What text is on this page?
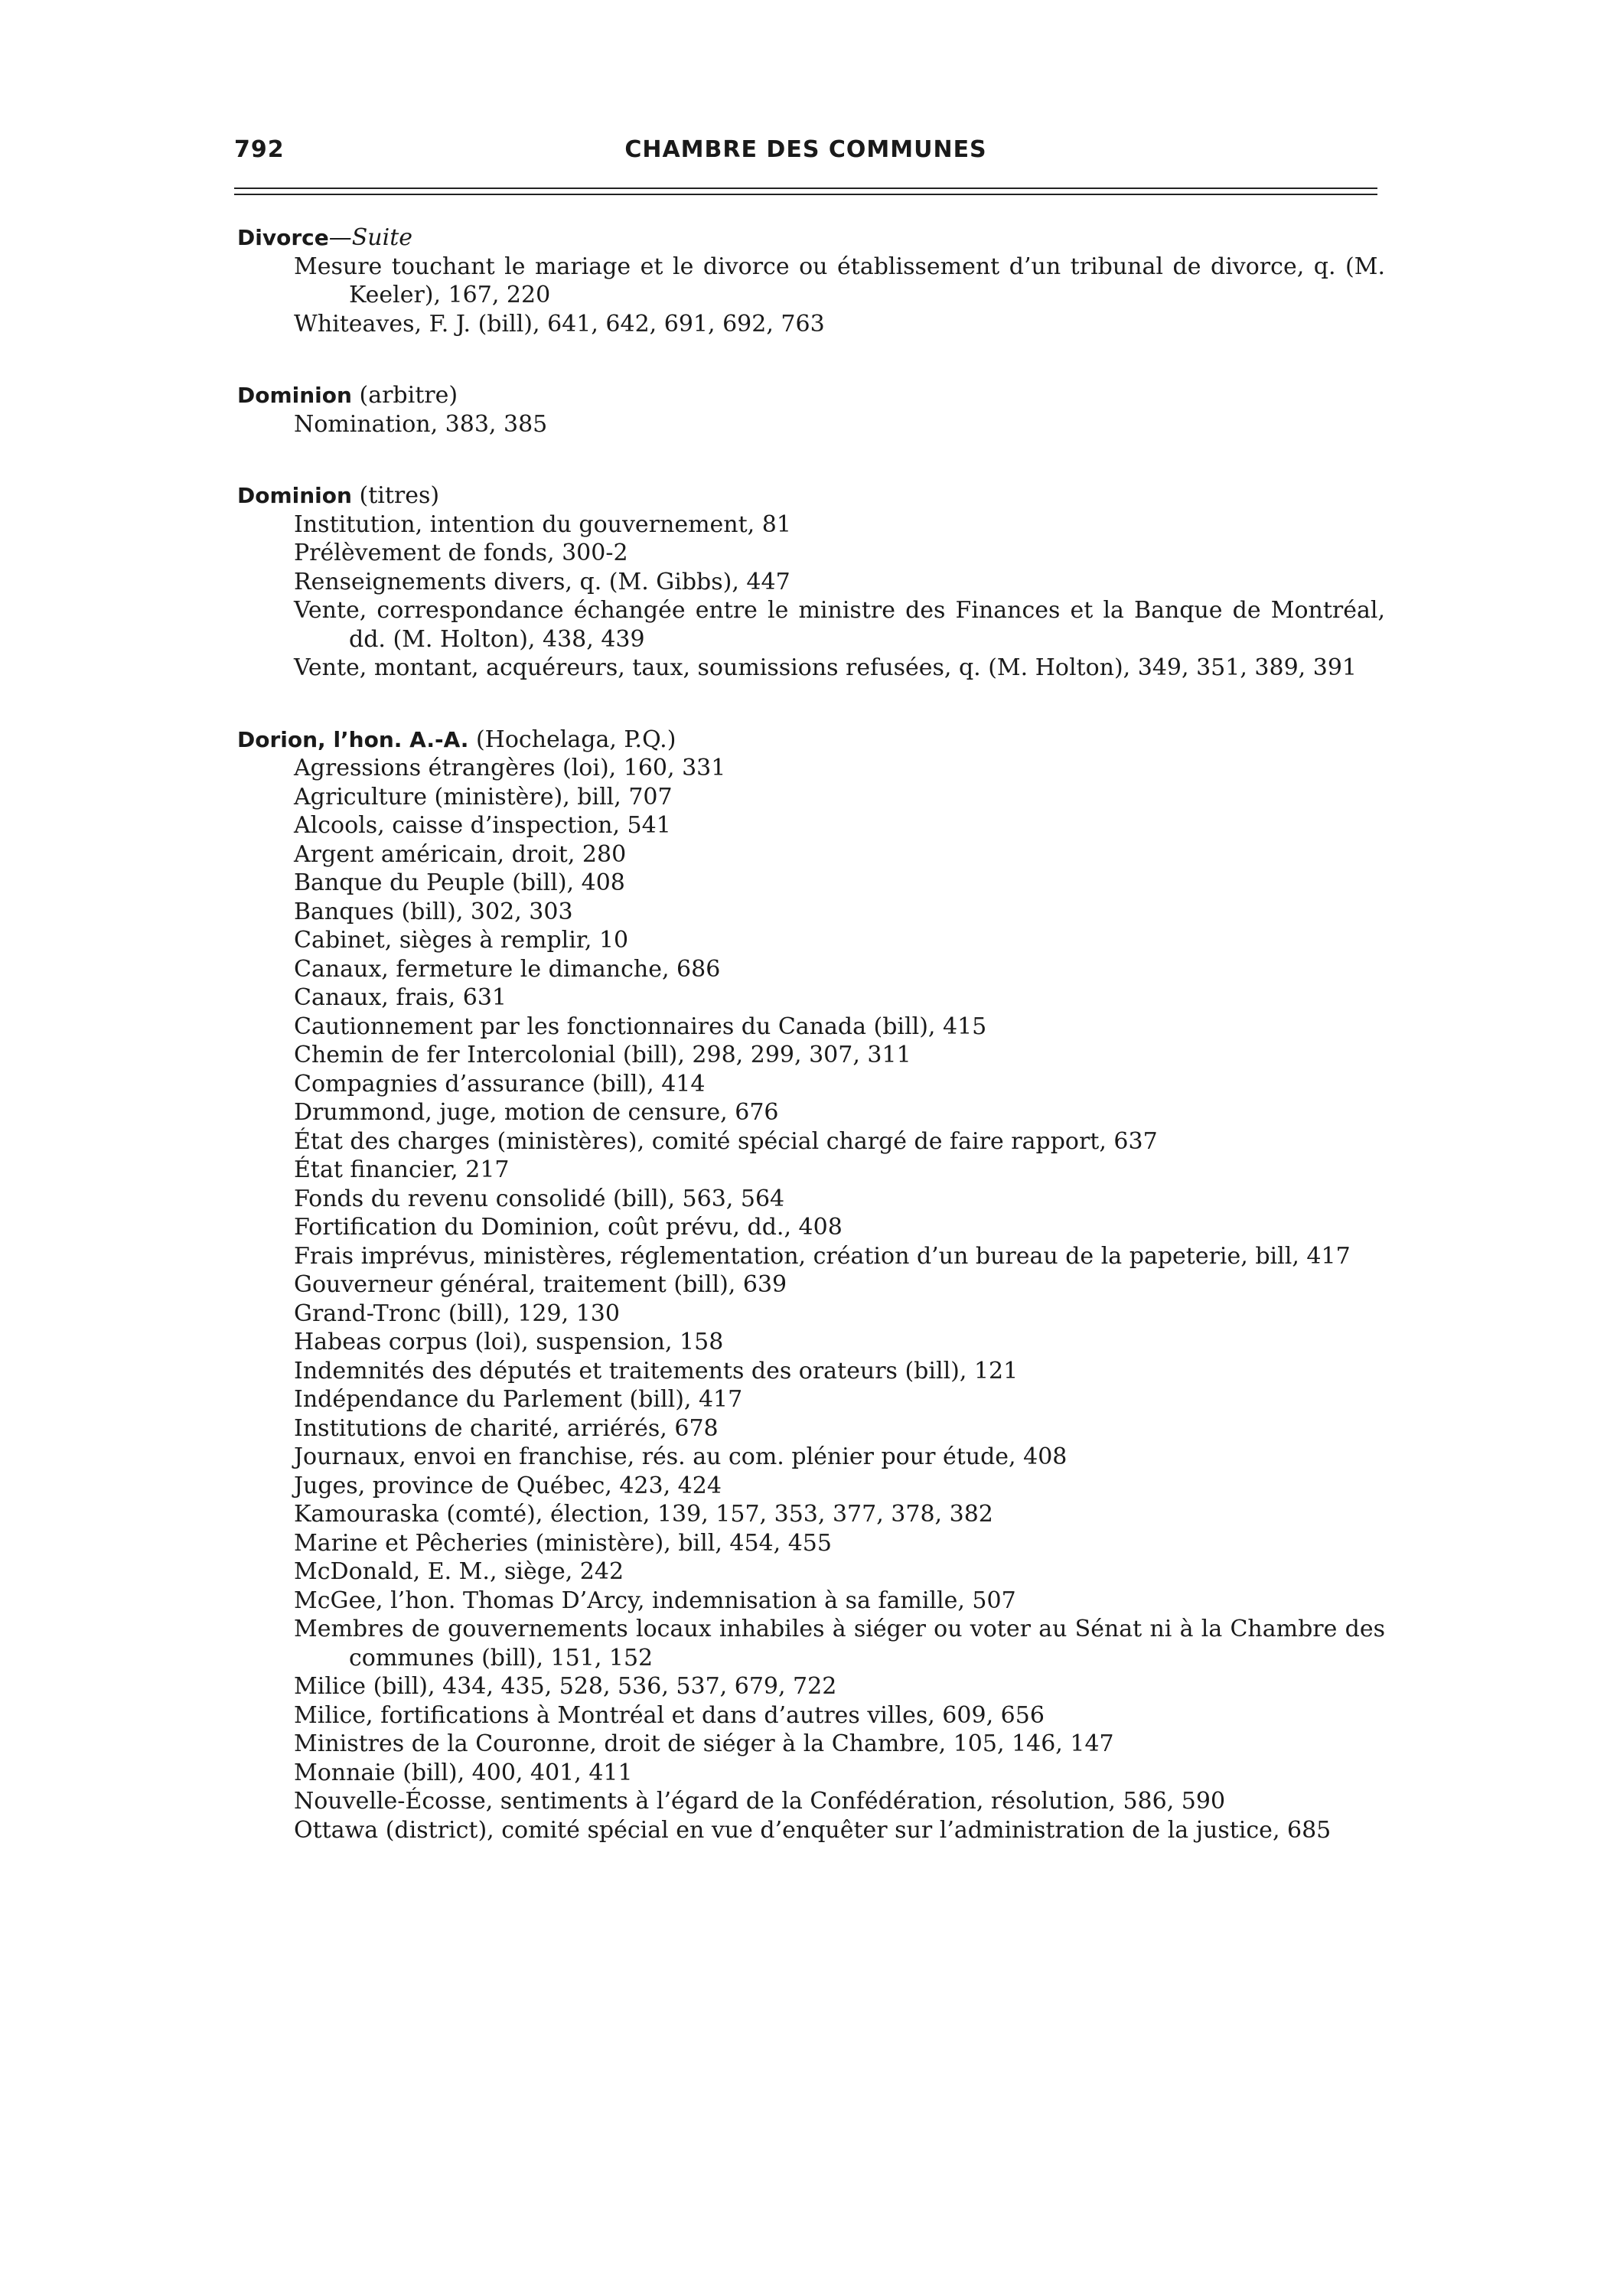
792	CHAMBRE DES COMMUNES

Divorce—Suite

Mesure touchant le mariage et le divorce ou établissement d’un tribunal de divorce, q. (M. Keeler), 167, 220

Whiteaves, F. J. (bill), 641, 642, 691, 692, 763

Dominion (arbitre)

Nomination, 383, 385

Dominion (titres)

Institution, intention du gouvernement, 81

Prélèvement de fonds, 300-2

Renseignements divers, q. (M. Gibbs), 447

Vente, correspondance échangée entre le ministre des Finances et la Banque de Montréal, dd. (M. Holton), 438, 439

Vente, montant, acquéreurs, taux, soumissions refusées, q. (M. Holton), 349, 351, 389, 391

Dorion, l’hon. A.-A. (Hochelaga, P.Q.)

Agressions étrangères (loi), 160, 331

Agriculture (ministère), bill, 707

Alcools, caisse d’inspection, 541

Argent américain, droit, 280

Banque du Peuple (bill), 408

Banques (bill), 302, 303

Cabinet, sièges à remplir, 10

Canaux, fermeture le dimanche, 686

Canaux, frais, 631

Cautionnement par les fonctionnaires du Canada (bill), 415

Chemin de fer Intercolonial (bill), 298, 299, 307, 311

Compagnies d’assurance (bill), 414

Drummond, juge, motion de censure, 676

État des charges (ministères), comité spécial chargé de faire rapport, 637

État financier, 217

Fonds du revenu consolidé (bill), 563, 564

Fortification du Dominion, coût prévu, dd., 408

Frais imprévus, ministères, réglementation, création d’un bureau de la papeterie, bill, 417

Gouverneur général, traitement (bill), 639

Grand-Tronc (bill), 129, 130

Habeas corpus (loi), suspension, 158

Indemnités des députés et traitements des orateurs (bill), 121

Indépendance du Parlement (bill), 417

Institutions de charité, arriérés, 678

Journaux, envoi en franchise, rés. au com. plénier pour étude, 408

Juges, province de Québec, 423, 424

Kamouraska (comté), élection, 139, 157, 353, 377, 378, 382

Marine et Pêcheries (ministère), bill, 454, 455

McDonald, E. M., siège, 242

McGee, l’hon. Thomas D’Arcy, indemnisation à sa famille, 507

Membres de gouvernements locaux inhabiles à siéger ou voter au Sénat ni à la Chambre des communes (bill), 151, 152

Milice (bill), 434, 435, 528, 536, 537, 679, 722

Milice, fortifications à Montréal et dans d’autres villes, 609, 656

Ministres de la Couronne, droit de siéger à la Chambre, 105, 146, 147

Monnaie (bill), 400, 401, 411

Nouvelle-Écosse, sentiments à l’égard de la Confédération, résolution, 586, 590

Ottawa (district), comité spécial en vue d’enquêter sur l’administration de la justice, 685
